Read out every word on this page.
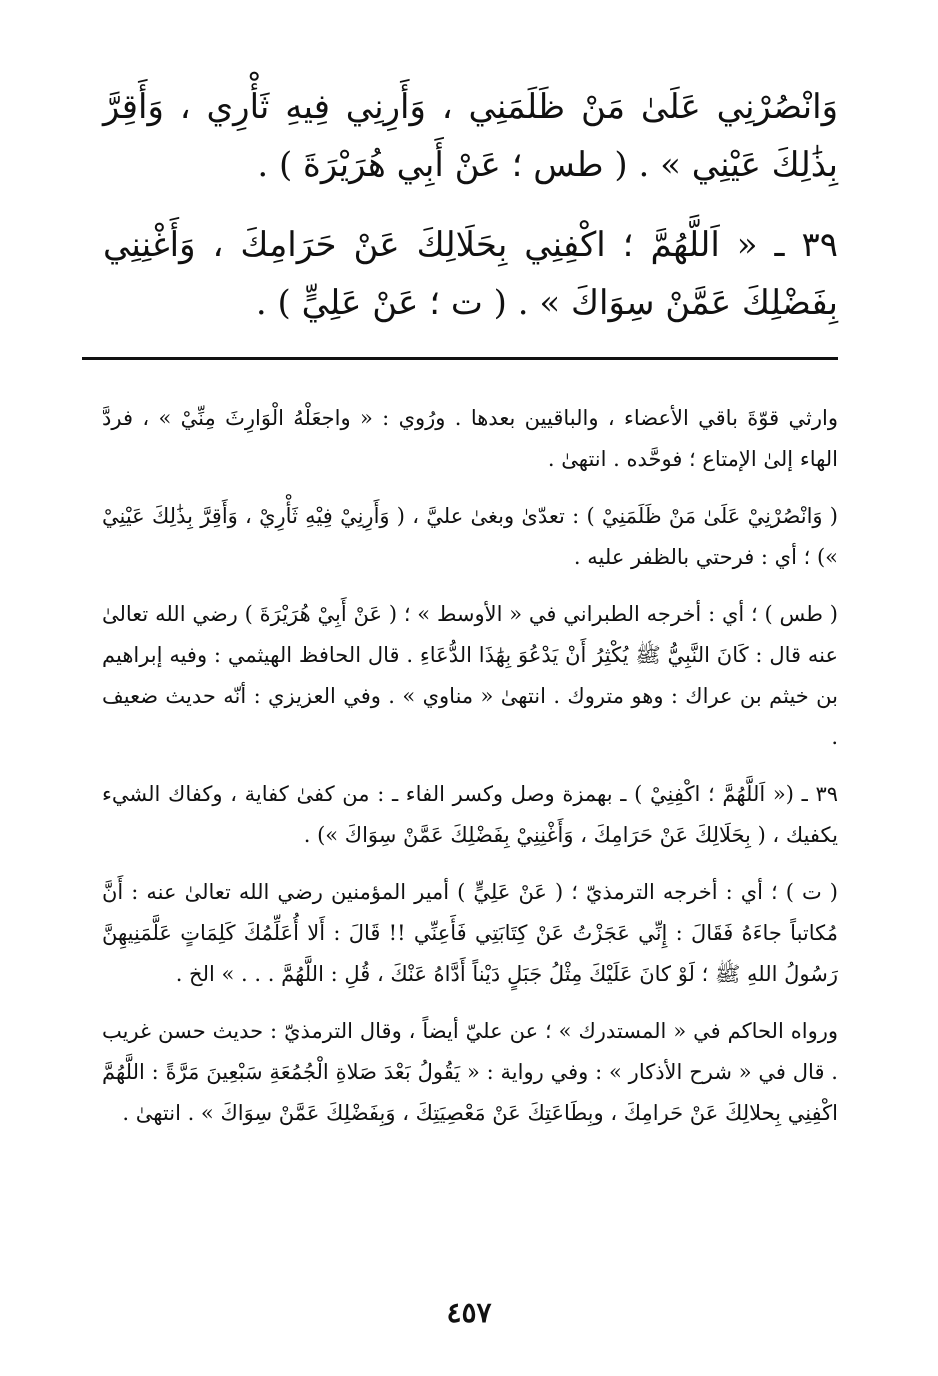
وَانْصُرْنِي عَلَىٰ مَنْ ظَلَمَنِي ، وَأَرِنِي فِيهِ ثَأْرِي ، وَأَقِرَّ بِذَٰلِكَ عَيْنِي » . ( طس ؛ عَنْ أَبِي هُرَيْرَةَ ) .

٣٩ ـ « اَللَّهُمَّ ؛ اكْفِنِي بِحَلَالِكَ عَنْ حَرَامِكَ ، وَأَغْنِنِي بِفَضْلِكَ عَمَّنْ سِوَاكَ » . ( ت ؛ عَنْ عَلِيٍّ ) .

وارثي قوّةَ باقي الأعضاء ، والباقيين بعدها . ورُوي : « واجعَلْهُ الْوَارِثَ مِنِّيْ » ، فردَّ الهاء إلىٰ الإمتاع ؛ فوحَّده . انتهىٰ .

( وَانْصُرْنِيْ عَلَىٰ مَنْ ظَلَمَنِيْ ) : تعدّىٰ وبغىٰ عليَّ ، ( وَأَرِنِيْ فِيْهِ ثَأْرِيْ ، وَأَقِرَّ بِذَٰلِكَ عَيْنِيْ ») ؛ أي : فرحتي بالظفر عليه .

( طس ) ؛ أي : أخرجه الطبراني في « الأوسط » ؛ ( عَنْ أَبِيْ هُرَيْرَةَ ) رضي الله تعالىٰ عنه قال : كَانَ النَّبِيُّ ﷺ يُكْثِرُ أَنْ يَدْعُوَ بِهَٰذَا الدُّعَاءِ . قال الحافظ الهيثمي : وفيه إبراهيم بن خيثم بن عراك : وهو متروك . انتهىٰ « مناوي » . وفي العزيزي : أنّه حديث ضعيف .

٣٩ ـ (« اَللَّهُمَّ ؛ اكْفِنِيْ ) ـ بهمزة وصل وكسر الفاء ـ : من كفىٰ كفاية ، وكفاك الشيء يكفيك ، ( بِحَلَالِكَ عَنْ حَرَامِكَ ، وَأَغْنِنِيْ بِفَضْلِكَ عَمَّنْ سِوَاكَ ») .

( ت ) ؛ أي : أخرجه الترمذيّ ؛ ( عَنْ عَلِيٍّ ) أمير المؤمنين رضي الله تعالىٰ عنه : أَنَّ مُكاتباً جاءَهُ فَقَالَ : إِنِّي عَجَزْتُ عَنْ كِتَابَتِي فَأَعِنِّي !! قَالَ : أَلا أُعَلِّمُكَ كَلِمَاتٍ عَلَّمَنِيهِنَّ رَسُولُ اللهِ ﷺ ؛ لَوْ كانَ عَلَيْكَ مِثْلُ جَبَلٍ دَيْناً أَدَّاهُ عَنْكَ ، قُلِ : اللَّهُمَّ . . . » الخ .

ورواه الحاكم في « المستدرك » ؛ عن عليّ أيضاً ، وقال الترمذيّ : حديث حسن غريب . قال في « شرح الأذكار » : وفي رواية : « يَقُولُ بَعْدَ صَلاةِ الْجُمُعَةِ سَبْعِينَ مَرَّةً : اللَّهُمَّ اكْفِنِي بِحلالِكَ عَنْ حَرامِكَ ، وبِطَاعَتِكَ عَنْ مَعْصِيَتِكَ ، وَبِفَضْلِكَ عَمَّنْ سِوَاكَ » . انتهىٰ .

٤٥٧
